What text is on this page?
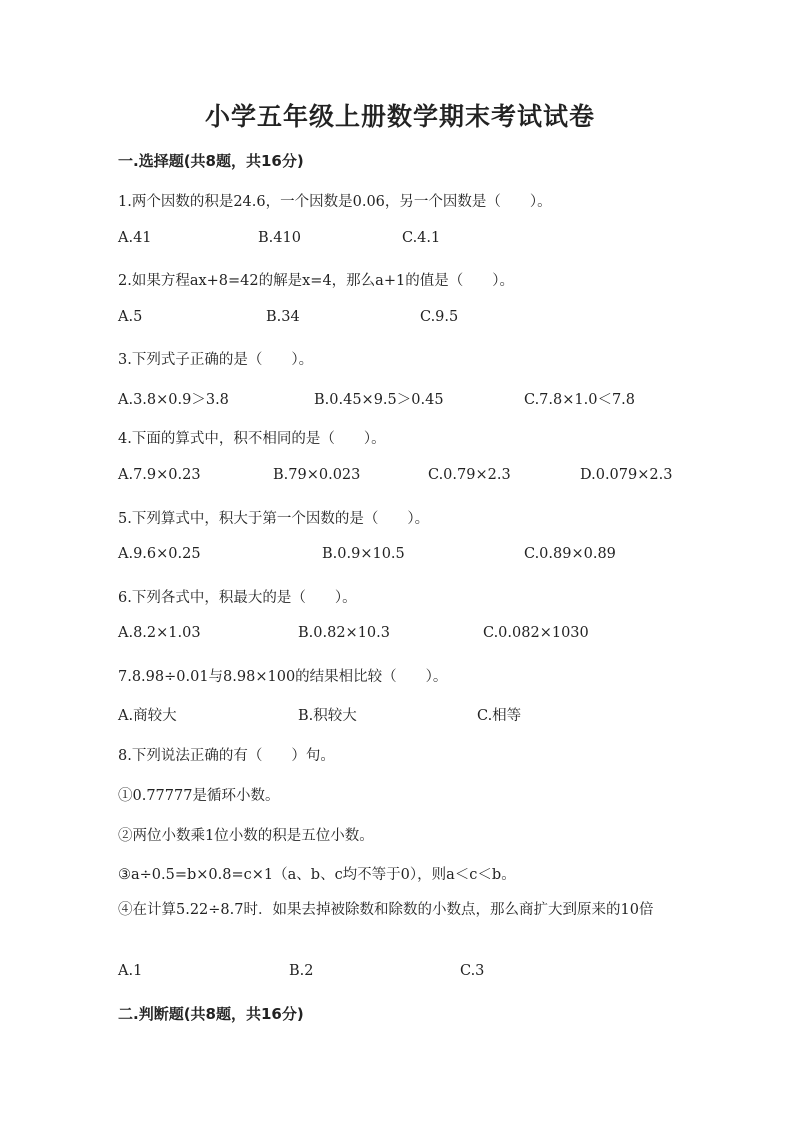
小学五年级上册数学期末考试试卷
一.选择题(共8题，共16分)
1.两个因数的积是24.6，一个因数是0.06，另一个因数是（　　）。
A.41	B.410	C.4.1
2.如果方程ax+8=42的解是x=4，那么a+1的值是（　　）。
A.5	B.34	C.9.5
3.下列式子正确的是（　　）。
A.3.8×0.9＞3.8	B.0.45×9.5＞0.45	C.7.8×1.0＜7.8
4.下面的算式中，积不相同的是（　　）。
A.7.9×0.23	B.79×0.023	C.0.79×2.3	D.0.079×2.3
5.下列算式中，积大于第一个因数的是（　　）。
A.9.6×0.25	B.0.9×10.5	C.0.89×0.89
6.下列各式中，积最大的是（　　）。
A.8.2×1.03	B.0.82×10.3	C.0.082×1030
7.8.98÷0.01与8.98×100的结果相比较（　　）。
A.商较大	B.积较大	C.相等
8.下列说法正确的有（　　）句。
①0.77777是循环小数。
②两位小数乘1位小数的积是五位小数。
③a÷0.5=b×0.8=c×1（a、b、c均不等于0），则a＜c＜b。
④在计算5.22÷8.7时．如果去掉被除数和除数的小数点，那么商扩大到原来的10倍
A.1	B.2	C.3
二.判断题(共8题，共16分)
